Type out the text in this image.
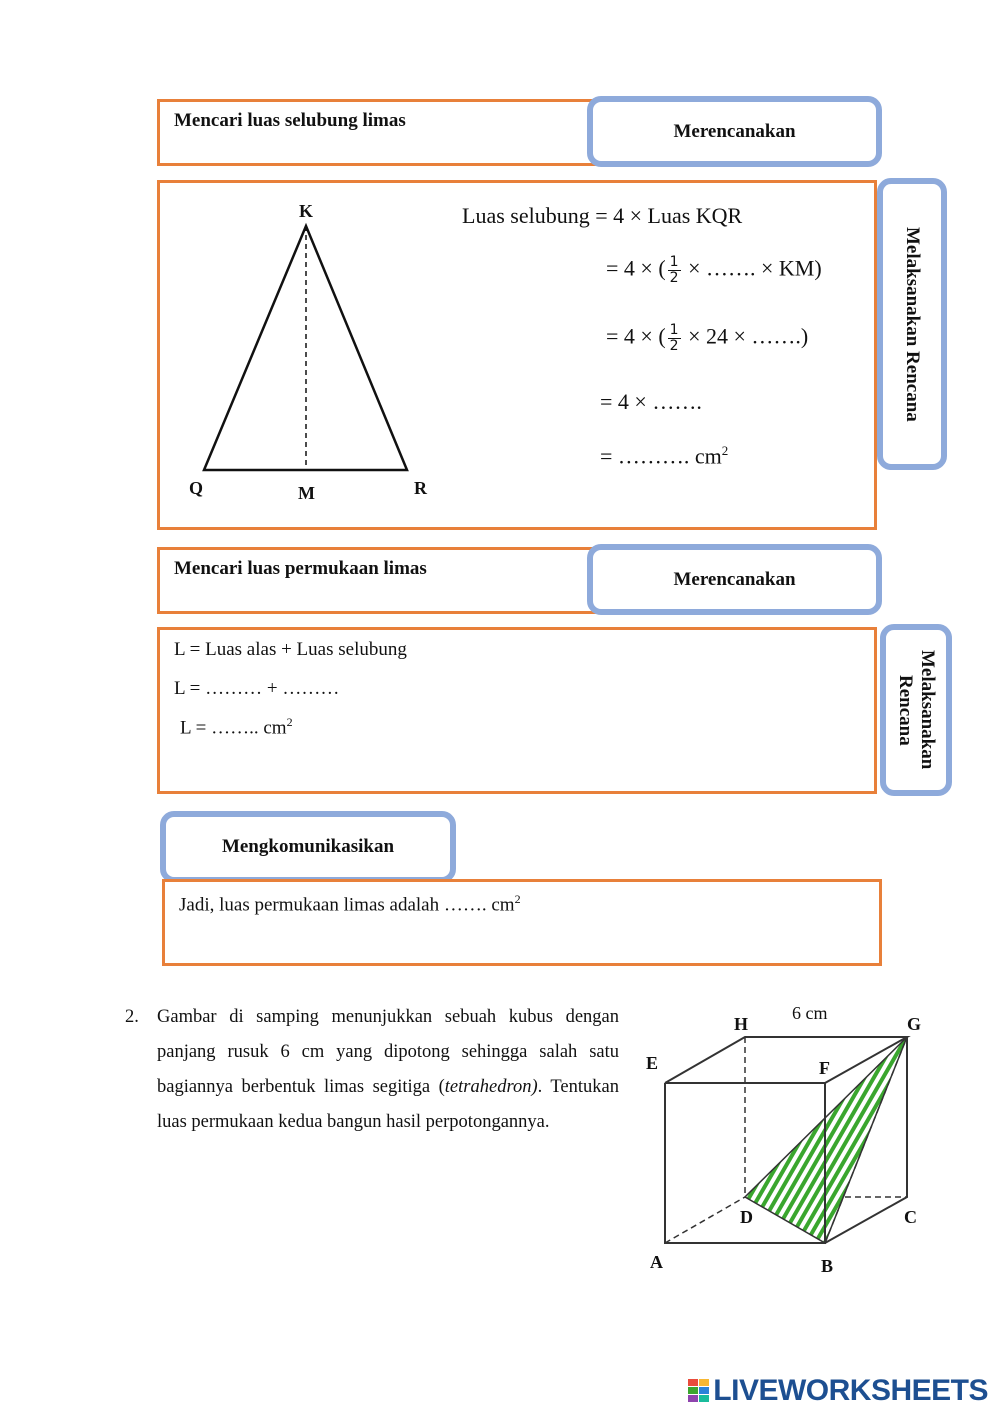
Mencari luas selubung limas	Merencanakan
K
Q	M	R
Luas selubung = 4 × Luas KQR
= 4 × ( $\frac{1}{2}$ × ……. × KM)
= 4 × ( $\frac{1}{2} \times 24$ × …….)
= 4 × …….
= ………. $cm^2$
Melaksanakan Rencana
Mencari luas permukaan limas	Merencanakan
L = Luas alas + Luas selubung
L = ……… + ………
L = …….. $cm^2$	Melaksanakan Rencana
Mengkomunikasikan
Jadi, luas permukaan limas adalah ……. $cm^2$
2. Gambar di samping menunjukkan sebuah kubus dengan panjang rusuk 6 cm yang dipotong sehingga salah satu bagiannya berbentuk limas segitiga (tetrahedron). Tentukan luas permukaan kedua bangun hasil perpotongannya.
6 cm
H	G
E	F
D	C
A	B
LIVEWORKSHEETS
